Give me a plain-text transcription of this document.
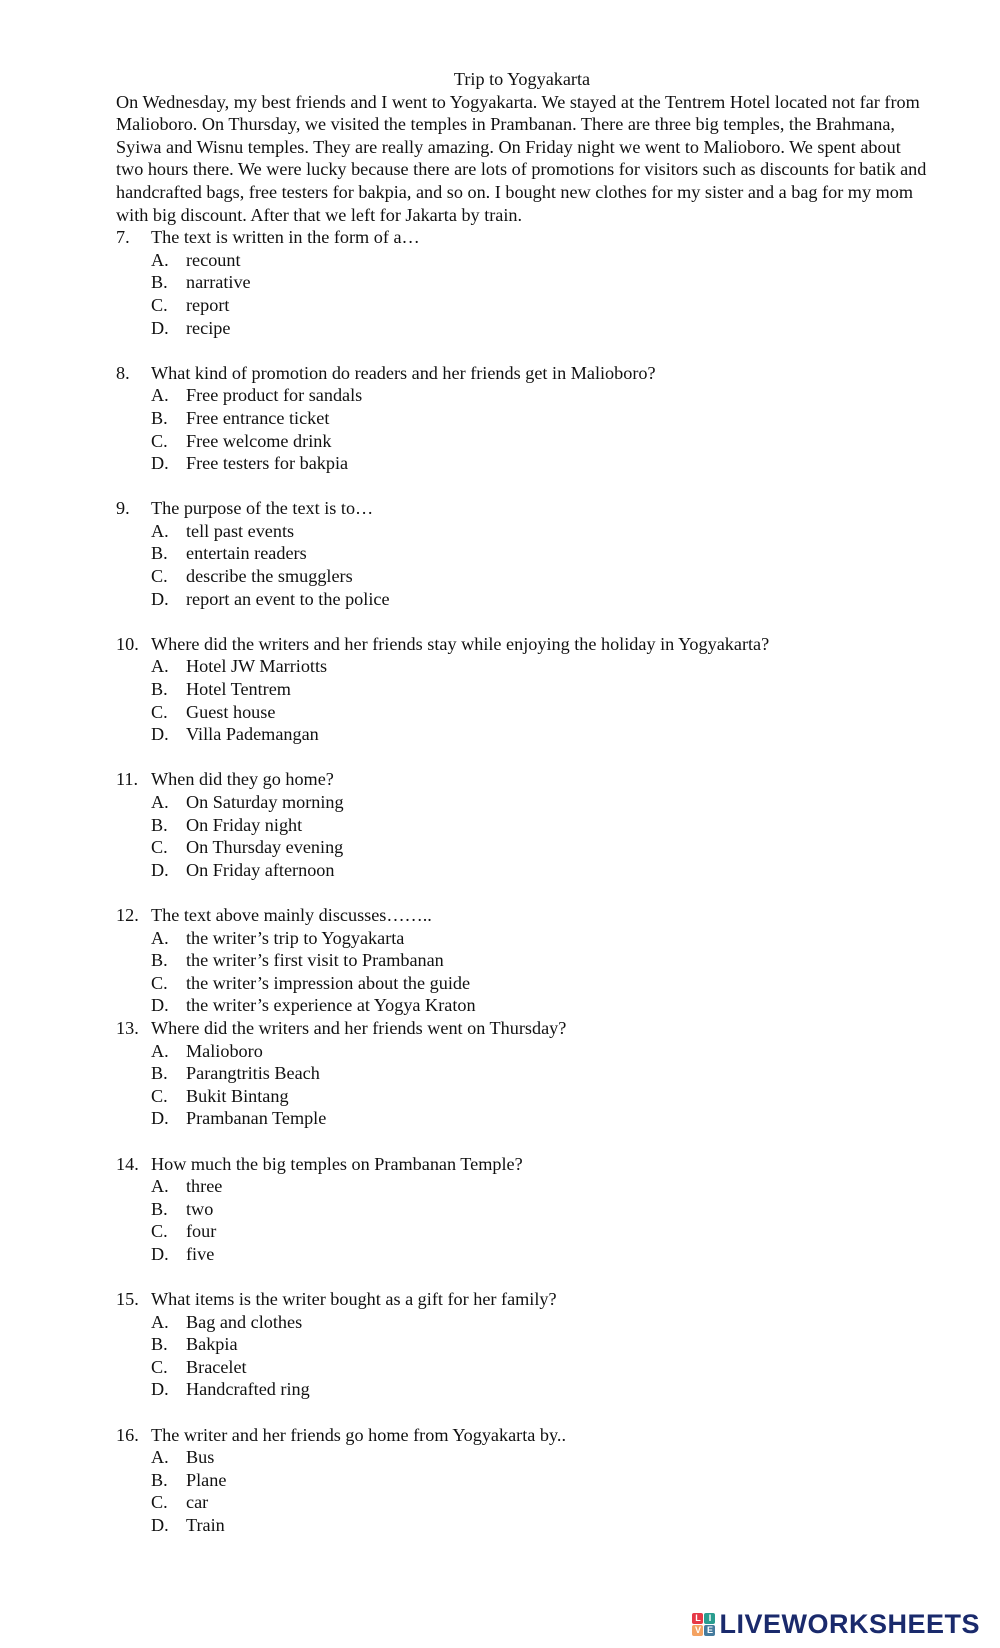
Trip to Yogyakarta

On Wednesday, my best friends and I went to Yogyakarta. We stayed at the Tentrem Hotel located not far from Malioboro. On Thursday, we visited the temples in Prambanan. There are three big temples, the Brahmana, Syiwa and Wisnu temples. They are really amazing. On Friday night we went to Malioboro. We spent about two hours there. We were lucky because there are lots of promotions for visitors such as discounts for batik and handcrafted bags, free testers for bakpia, and so on. I bought new clothes for my sister and a bag for my mom with big discount. After that we left for Jakarta by train.

7. The text is written in the form of a…
A. recount
B. narrative
C. report
D. recipe
8. What kind of promotion do readers and her friends get in Malioboro?
A. Free product for sandals
B. Free entrance ticket
C. Free welcome drink
D. Free testers for bakpia
9. The purpose of the text is to…
A. tell past events
B. entertain readers
C. describe the smugglers
D. report an event to the police
10. Where did the writers and her friends stay while enjoying the holiday in Yogyakarta?
A. Hotel JW Marriotts
B. Hotel Tentrem
C. Guest house
D. Villa Pademangan
11. When did they go home?
A. On Saturday morning
B. On Friday night
C. On Thursday evening
D. On Friday afternoon
12. The text above mainly discusses……..
A. the writer’s trip to Yogyakarta
B. the writer’s first visit to Prambanan
C. the writer’s impression about the guide
D. the writer’s experience at Yogya Kraton
13. Where did the writers and her friends went on Thursday?
A. Malioboro
B. Parangtritis Beach
C. Bukit Bintang
D. Prambanan Temple
14. How much the big temples on Prambanan Temple?
A. three
B. two
C. four
D. five
15. What items is the writer bought as a gift for her family?
A. Bag and clothes
B. Bakpia
C. Bracelet
D. Handcrafted ring
16. The writer and her friends go home from Yogyakarta by..
A. Bus
B. Plane
C. car
D. Train
L I
V E LIVEWORKSHEETS
